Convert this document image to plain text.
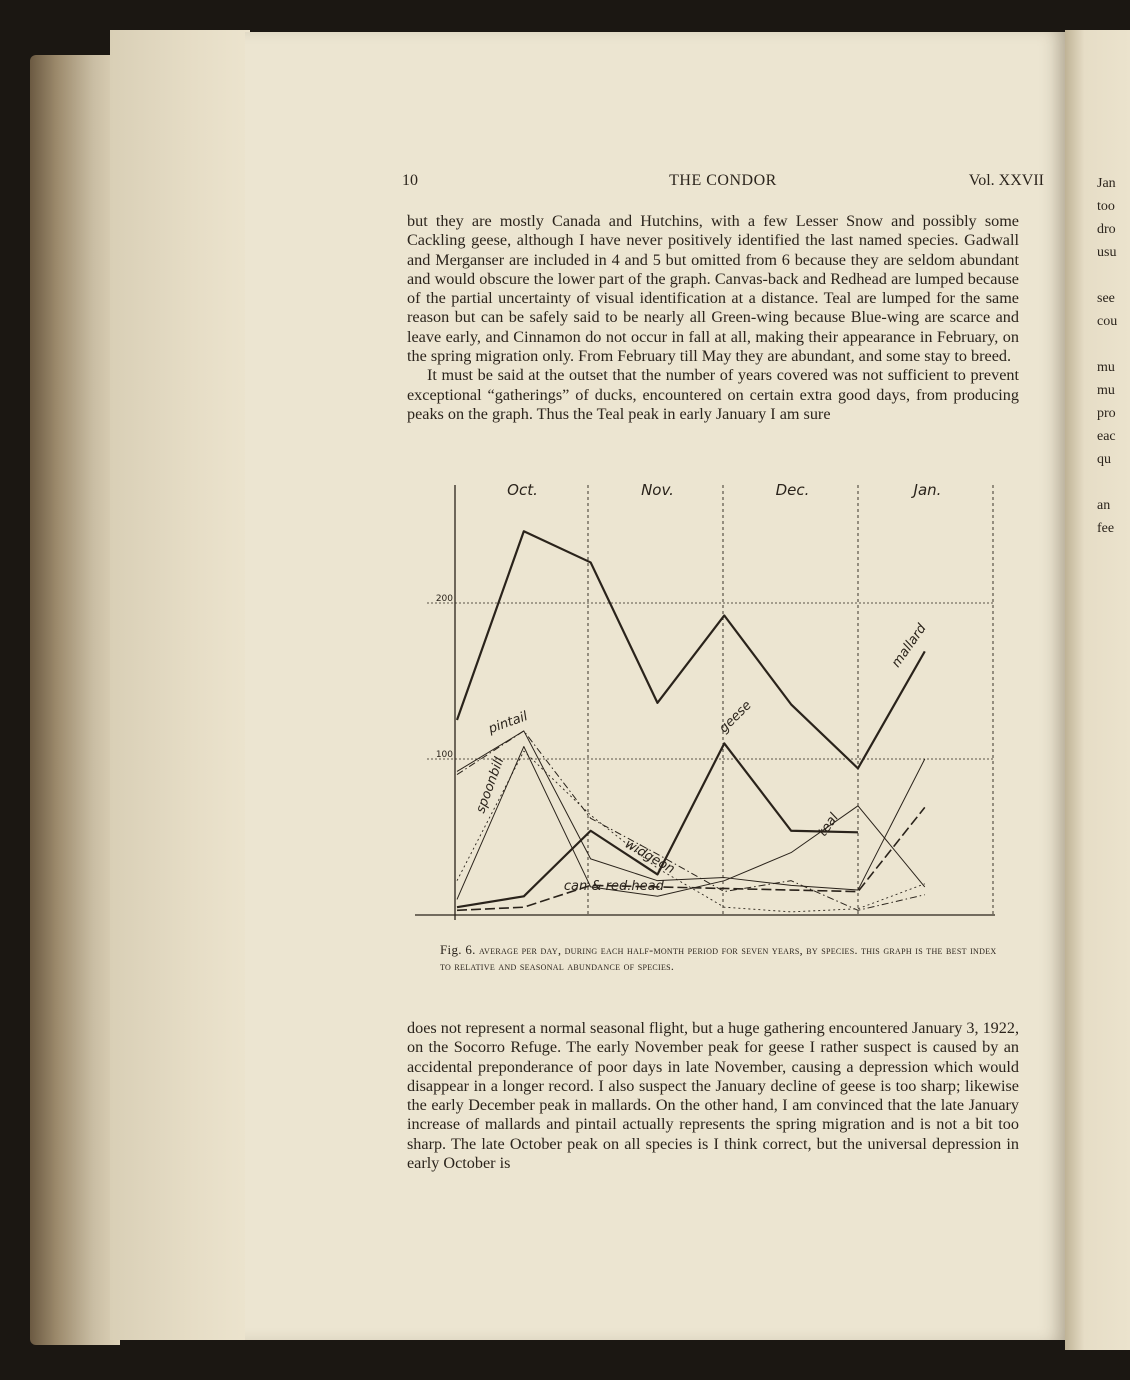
10	THE CONDOR	Vol. XXVII

but they are mostly Canada and Hutchins, with a few Lesser Snow and possibly some Cackling geese, although I have never positively identified the last named species. Gadwall and Merganser are included in 4 and 5 but omitted from 6 because they are seldom abundant and would obscure the lower part of the graph. Canvas-back and Redhead are lumped because of the partial uncertainty of visual identification at a distance. Teal are lumped for the same reason but can be safely said to be nearly all Green-wing because Blue-wing are scarce and leave early, and Cinnamon do not occur in fall at all, making their appearance in February, on the spring migration only. From February till May they are abundant, and some stay to breed.

It must be said at the outset that the number of years covered was not sufficient to prevent exceptional “gatherings” of ducks, encountered on certain extra good days, from producing peaks on the graph. Thus the Teal peak in early January I am sure

200
100
Oct.	Nov.	Dec.	Jan.
mallard
geese
pintail
widgeon
spoonbill
teal
can & red.head
Fig. 6. average per day, during each half-month period for seven years, by species. this graph is the best index to relative and seasonal abundance of species.

does not represent a normal seasonal flight, but a huge gathering encountered January 3, 1922, on the Socorro Refuge. The early November peak for geese I rather suspect is caused by an accidental preponderance of poor days in late November, causing a depression which would disappear in a longer record. I also suspect the January decline of geese is too sharp; likewise the early December peak in mallards. On the other hand, I am convinced that the late January increase of mallards and pintail actually represents the spring migration and is not a bit too sharp. The late October peak on all species is I think correct, but the universal depression in early October is

Jan
too
dro
usu
see
cou
mu
mu
pro
eac
qu
an
fee
